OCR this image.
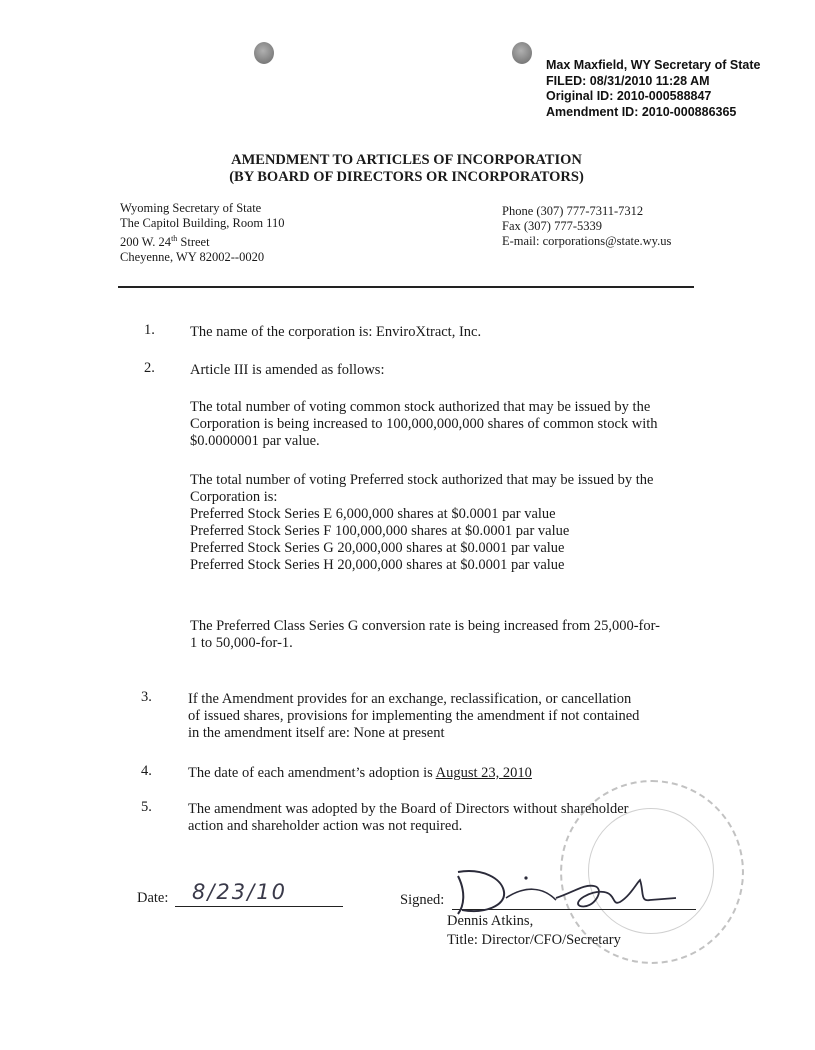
Max Maxfield, WY Secretary of State
FILED: 08/31/2010 11:28 AM
Original ID: 2010-000588847
Amendment ID: 2010-000886365
AMENDMENT TO ARTICLES OF INCORPORATION
(BY BOARD OF DIRECTORS OR INCORPORATORS)
Wyoming Secretary of State
The Capitol Building, Room 110
200 W. 24th Street
Cheyenne, WY 82002--0020
Phone (307) 777-7311-7312
Fax (307) 777-5339
E-mail: corporations@state.wy.us
1. The name of the corporation is: EnviroXtract, Inc.
2. Article III is amended as follows:
The total number of voting common stock authorized that may be issued by the
Corporation is being increased to 100,000,000,000 shares of common stock with
$0.0000001 par value.
The total number of voting Preferred stock authorized that may be issued by the
Corporation is:
Preferred Stock Series E 6,000,000 shares at $0.0001 par value
Preferred Stock Series F 100,000,000 shares at $0.0001 par value
Preferred Stock Series G 20,000,000 shares at $0.0001 par value
Preferred Stock Series H 20,000,000 shares at $0.0001 par value
The Preferred Class Series G conversion rate is being increased from 25,000-for-
1 to 50,000-for-1.
3. If the Amendment provides for an exchange, reclassification, or cancellation
of issued shares, provisions for implementing the amendment if not contained
in the amendment itself are: None at present
4. The date of each amendment’s adoption is August 23, 2010
5. The amendment was adopted by the Board of Directors without shareholder
action and shareholder action was not required.
Date: 8/23/10	Signed:
Dennis Atkins,
Title: Director/CFO/Secretary
